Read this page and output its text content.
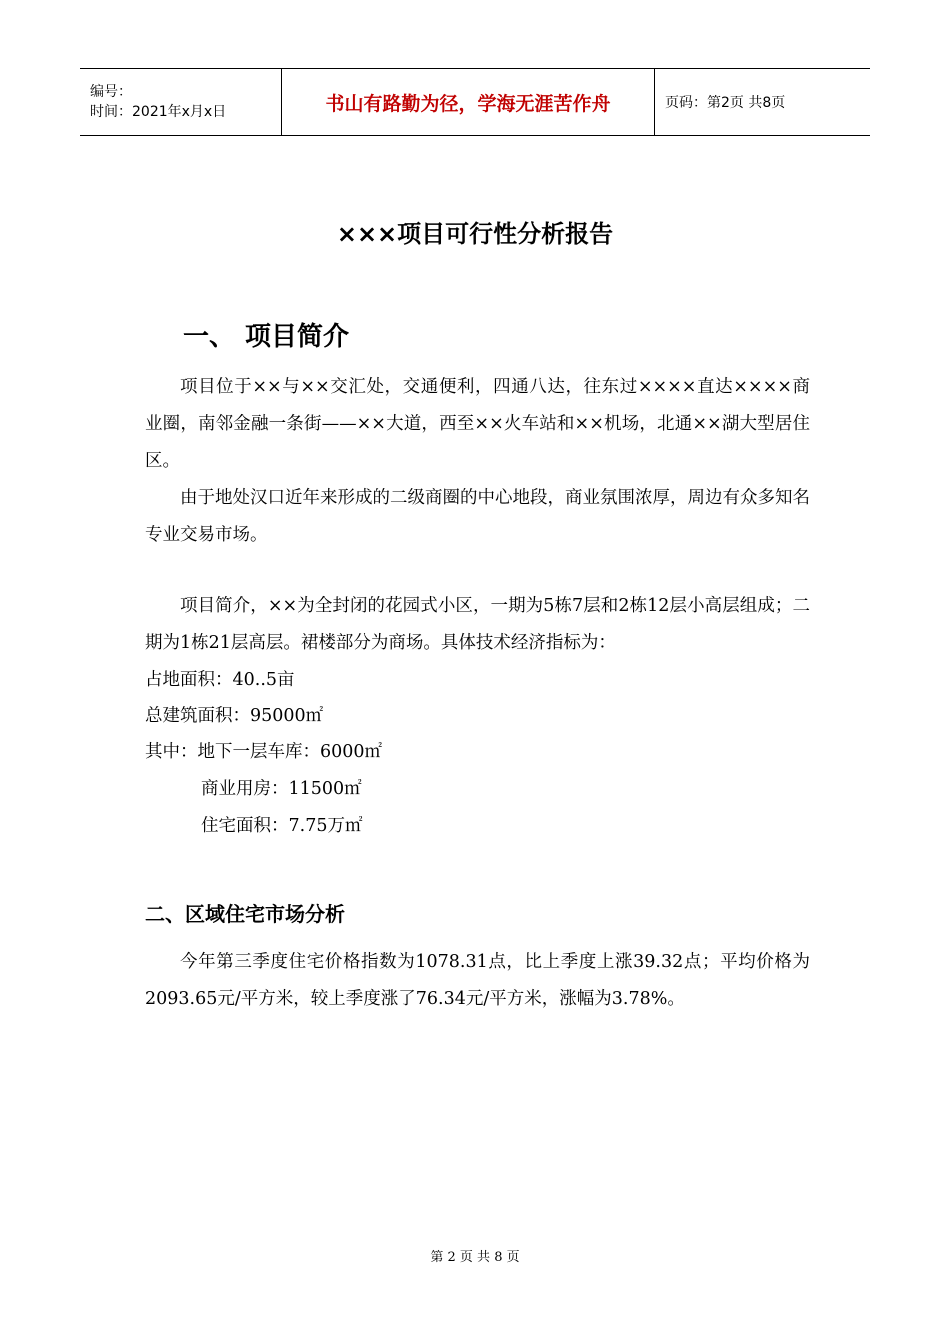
编号：
时间：2021年x月x日	书山有路勤为径，学海无涯苦作舟	页码：第2页 共8页
×××项目可行性分析报告
一、 项目简介

项目位于××与××交汇处，交通便利，四通八达，往东过××××直达××××商业圈，南邻金融一条街——××大道，西至××火车站和××机场，北通××湖大型居住区。

由于地处汉口近年来形成的二级商圈的中心地段，商业氛围浓厚，周边有众多知名专业交易市场。

项目简介，××为全封闭的花园式小区，一期为5栋7层和2栋12层小高层组成；二期为1栋21层高层。裙楼部分为商场。具体技术经济指标为：

占地面积：40..5亩

总建筑面积：95000㎡

其中：地下一层车库：6000㎡

商业用房：11500㎡

住宅面积：7.75万㎡

二、区域住宅市场分析

今年第三季度住宅价格指数为1078.31点，比上季度上涨39.32点；平均价格为2093.65元/平方米，较上季度涨了76.34元/平方米，涨幅为3.78%。

第 2 页 共 8 页
